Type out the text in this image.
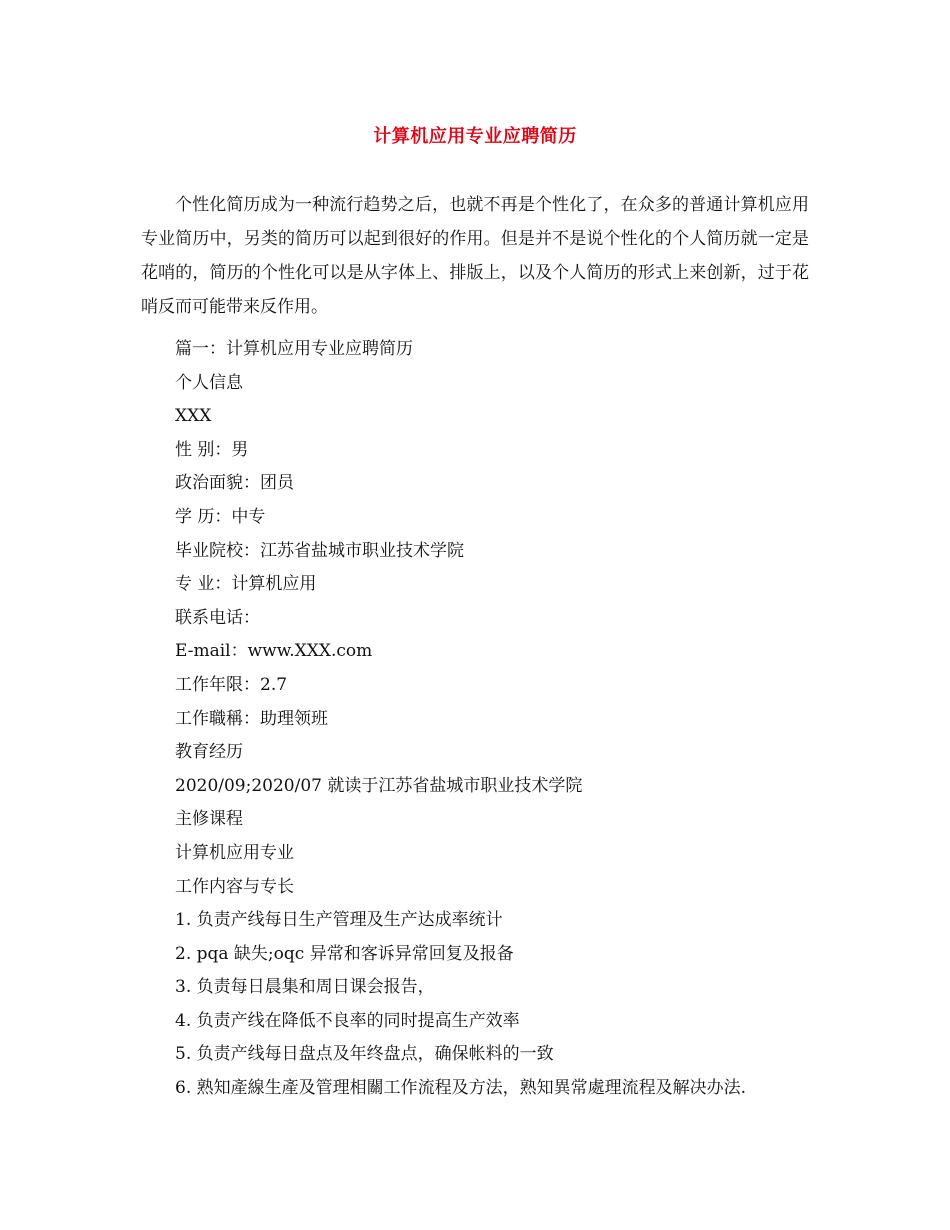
计算机应用专业应聘简历

个性化简历成为一种流行趋势之后，也就不再是个性化了，在众多的普通计算机应用专业简历中，另类的简历可以起到很好的作用。但是并不是说个性化的个人简历就一定是花哨的，简历的个性化可以是从字体上、排版上，以及个人简历的形式上来创新，过于花哨反而可能带来反作用。

篇一：计算机应用专业应聘简历
个人信息
XXX
性 别：男
政治面貌：团员
学 历：中专
毕业院校：江苏省盐城市职业技术学院
专 业：计算机应用
联系电话：
E-mail：www.XXX.com
工作年限：2.7
工作職稱：助理领班
教育经历
2020/09;2020/07 就读于江苏省盐城市职业技术学院
主修课程
计算机应用专业
工作内容与专长
1. 负责产线每日生产管理及生产达成率统计
2. pqa 缺失;oqc 异常和客诉异常回复及报备
3. 负责每日晨集和周日课会报告，
4. 负责产线在降低不良率的同时提高生产效率
5. 负责产线每日盘点及年终盘点，确保帐料的一致
6. 熟知產線生產及管理相關工作流程及方法，熟知異常處理流程及解决办法.
